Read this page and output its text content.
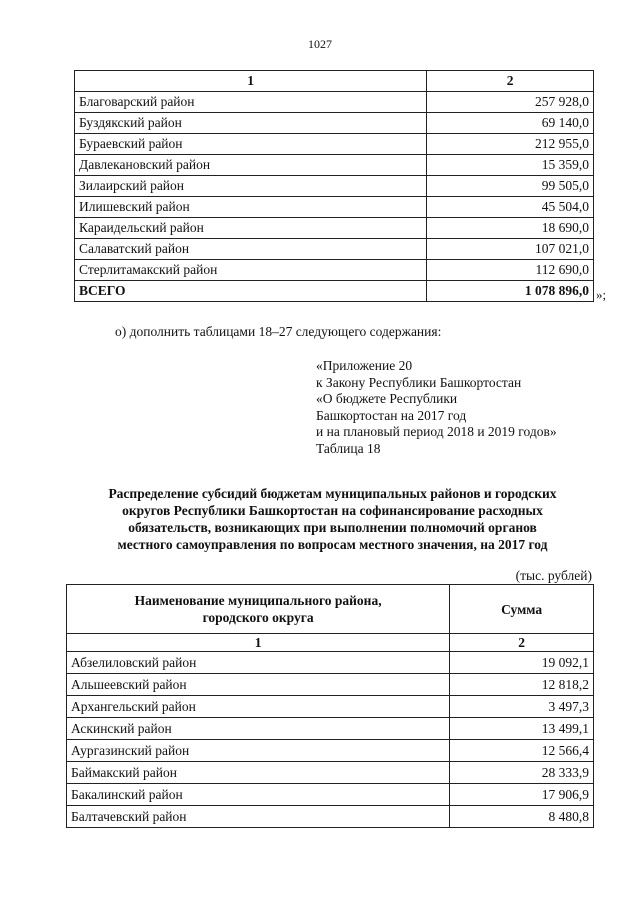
1027
1	2
Благоварский район	257 928,0
Буздякский район	69 140,0
Бураевский район	212 955,0
Давлекановский район	15 359,0
Зилаирский район	99 505,0
Илишевский район	45 504,0
Караидельский район	18 690,0
Салаватский район	107 021,0
Стерлитамакский район	112 690,0
ВСЕГО	1 078 896,0 »;
о) дополнить таблицами 18–27 следующего содержания:
«Приложение 20
к Закону Республики Башкортостан
«О бюджете Республики
Башкортостан на 2017 год
и на плановый период 2018 и 2019 годов»
Таблица 18
Распределение субсидий бюджетам муниципальных районов и городских
округов Республики Башкортостан на софинансирование расходных
обязательств, возникающих при выполнении полномочий органов
местного самоуправления по вопросам местного значения, на 2017 год
(тыс. рублей)
Наименование муниципального района,
городского округа	Сумма
1	2
Абзелиловский район	19 092,1
Альшеевский район	12 818,2
Архангельский район	3 497,3
Аскинский район	13 499,1
Аургазинский район	12 566,4
Баймакский район	28 333,9
Бакалинский район	17 906,9
Балтачевский район	8 480,8
